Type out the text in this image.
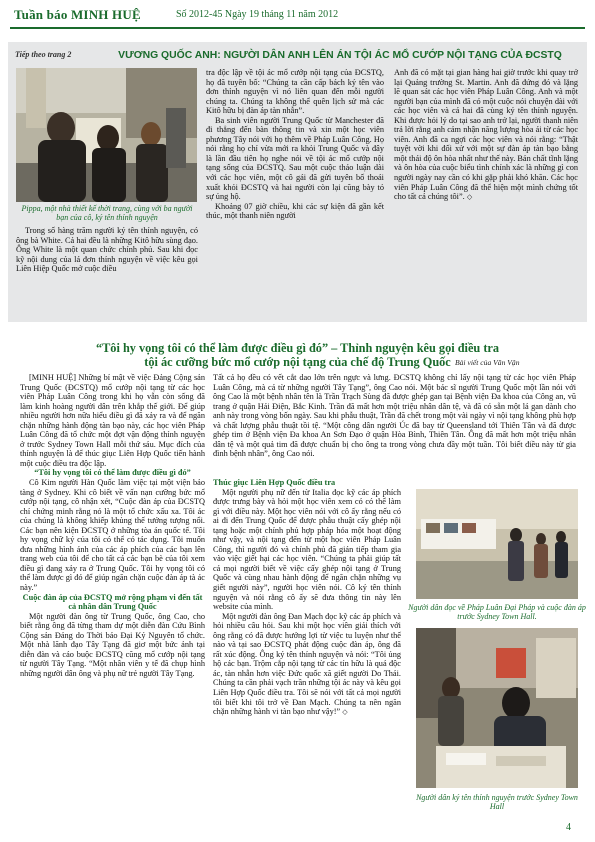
Tuần báo MINH HUỆ	Số 2012-45 Ngày 19 tháng 11 năm 2012
Tiếp theo trang 2	VƯƠNG QUỐC ANH: NGƯỜI DÂN ANH LÊN ÁN TỘI ÁC MỔ CƯỚP NỘI TẠNG CỦA ĐCSTQ
Pippa, một nhà thiết kế thời trang, cùng với ba người bạn của cô, ký tên thỉnh nguyện

Trong số hàng trăm người ký tên thỉnh nguyện, có ông bà White. Cả hai đều là những Kitô hữu sùng đạo. Ông White là một quan chức chính phủ. Sau khi đọc kỹ nội dung của lá đơn thỉnh nguyện về việc kêu gọi Liên Hiệp Quốc mở cuộc điều

tra độc lập về tội ác mổ cướp nội tạng của ĐCSTQ, họ đã tuyên bố: “Chúng ta cần cấp bách ký tên vào đơn thỉnh nguyện vì nó liên quan đến mỗi người chúng ta. Chúng ta không thể quên lịch sử mà các Kitô hữu bị đàn áp tàn nhẫn”.

Ba sinh viên người Trung Quốc từ Manchester đã đi thẳng đến bàn thông tin và xin một học viên phương Tây nói với họ thêm về Pháp Luân Công. Họ nói rằng họ chỉ vừa mới ra khỏi Trung Quốc và đây là lần đầu tiên họ nghe nói về tội ác mổ cướp nội tạng sống của ĐCSTQ. Sau một cuộc thảo luận dài với các học viên, một cô gái đã gửi tuyên bố thoái xuất khỏi ĐCSTQ và hai người còn lại cũng bày tỏ sự ủng hộ.

Khoảng 07 giờ chiều, khi các sự kiện đã gần kết thúc, một thanh niên người

Anh đã có mặt tại gian hàng hai giờ trước khi quay trở lại Quảng trường St. Martin. Anh đã đứng đó và lặng lẽ quan sát các học viên Pháp Luân Công. Anh và một người bạn của mình đã có một cuộc nói chuyện dài với các học viên và cả hai đã cùng ký tên thỉnh nguyện. Khi được hỏi lý do tại sao anh trở lại, người thanh niên trả lời rằng anh cảm nhận năng lượng hòa ái từ các học viên. Anh đã ca ngợi các học viên và nói rằng: “Thật tuyệt vời khi đối xử với một sự đàn áp tàn bạo bằng một thái độ ôn hòa nhất như thế này. Bản chất tĩnh lặng và ôn hòa của cuộc biểu tình chính xác là những gì con người ngày nay cần có khi gặp phải khó khăn. Các học viên Pháp Luân Công đã thể hiện một mình chứng tốt cho tất cả chúng tôi”. ◇

“Tôi hy vọng tôi có thể làm được điều gì đó” – Thỉnh nguyện kêu gọi điều tra
tội ác cưỡng bức mổ cướp nội tạng của chế độ Trung Quốc Bài viết của Văn Vận

[MINH HUỆ] Những bí mật về việc Đảng Cộng sản Trung Quốc (ĐCSTQ) mổ cướp nội tạng từ các học viên Pháp Luân Công trong khi họ vẫn còn sống đã làm kinh hoàng người dân trên khắp thế giới. Để giúp nhiều người hơn nữa hiểu điều gì đã xảy ra và để ngăn chặn những hành động tàn bạo này, các học viên Pháp Luân Công đã tổ chức một đợt vận động thỉnh nguyện ở trước Sydney Town Hall mỗi thứ sáu. Mục đích của thỉnh nguyện là để thúc giục Liên Hợp Quốc tiến hành một cuộc điều tra độc lập.

“Tôi hy vọng tôi có thể làm được điều gì đó”

Cô Kim người Hàn Quốc làm việc tại một viện bảo tàng ở Sydney. Khi cô biết về vấn nạn cưỡng bức mổ cướp nội tạng, cô nhận xét, “Cuộc đàn áp của ĐCSTQ chỉ chứng minh rằng nó là một tổ chức xấu xa. Tôi ác của chúng là không khiếp khủng thế tưởng tượng nổi. Các bạn nên kiện ĐCSTQ ở những tòa án quốc tế. Tôi hy vọng chữ ký của tôi có thể có tác dụng. Tôi muốn đưa những hình ảnh của các áp phích của các bạn lên trang web của tôi để cho tất cả các bạn bè của tôi xem điều gì đang xảy ra ở Trung Quốc. Tôi hy vọng tôi có thể làm được gì đó để giúp ngăn chặn cuộc đàn áp tà ác này.”

Cuộc đàn áp của ĐCSTQ mở rộng phạm vi đến tất cả nhân dân Trung Quốc

Một người đàn ông từ Trung Quốc, ông Cao, cho biết rằng ông đã từng tham dự một diễn đàn Cứu Bình Cộng sản Đảng do Thời báo Đại Kỷ Nguyên tổ chức. Một nhà lãnh đạo Tây Tạng đã giơ một bức ảnh tại diễn đàn và cáo buộc ĐCSTQ cũng mổ cướp nội tạng từ người Tây Tạng. “Một nhân viên y tế đã chụp hình những người dân ông và phụ nữ trẻ người Tây Tạng.

Tất cả họ đều có vết cắt dao lớn trên ngực và lưng. ĐCSTQ không chỉ lấy nội tạng từ các học viên Pháp Luân Công, mà cả từ những người Tây Tạng”, ông Cao nói. Một bác sĩ người Trung Quốc một lần nói với ông Cao là một bệnh nhân tên là Trần Trạch Sùng đã được ghép gan tại Bệnh viện Đa khoa của Công an, vũ trang ở quận Hải Điện, Bắc Kinh. Trần đã mất hơn một triệu nhân dân tệ, và đã có sẵn một lá gan dành cho anh này trong vòng bốn ngày. Sau khi phẫu thuật, Trần đã chết trong một vài ngày vì nội tạng không phù hợp và chất lượng phẫu thuật tồi tệ. “Một công dân người Úc đã bay từ Queensland tới Thiên Tân và đã được ghép tim ở Bệnh viện Đa khoa An Sơn Đạo ở quận Hòa Bình, Thiên Tân. Ông đã mất hơn một triệu nhân dân tệ và một quả tim đã được chuẩn bị cho ông ta trong vòng chưa đầy một tuần. Tôi biết điều này từ gia đình bệnh nhân”, ông Cao nói.

Thúc giục Liên Hợp Quốc điều tra

Một người phụ nữ đến từ Italia đọc kỹ các áp phích được trưng bày và hỏi một học viên xem có có thể làm gì với điều này. Một học viên nói với cô ấy rằng nếu có ai đi đến Trung Quốc để được phẫu thuật cấy ghép nội tạng hoặc một chính phủ hợp pháp hóa một hoạt động như vậy, và nội tạng đến từ một học viên Pháp Luân Công, thì người đó và chính phủ đã gián tiếp tham gia vào việc giết hại các học viên. “Chúng ta phải giúp tất cả mọi người biết về việc cấy ghép nội tạng ở Trung Quốc và cùng nhau hành động để ngăn chặn những vụ giết người này”, người học viên nói. Cô ký tên thỉnh nguyện và nói rằng cô ấy sẽ đưa thông tin này lên website của mình.

Một người đàn ông Đan Mạch đọc kỹ các áp phích và hỏi nhiều câu hỏi. Sau khi một học viên giải thích với ông rằng có đã được hướng lợi từ việc tu luyện như thế nào và tại sao ĐCSTQ phát động cuộc đàn áp, ông đã rất xúc động. Ông ký tên thỉnh nguyện và nói: “Tôi ủng hộ các bạn. Trộm cắp nội tạng từ các tín hữu là quá độc ác, tàn nhẫn hơn việc Đức quốc xã giết người Do Thái. Chúng ta cần phải vạch trần những tội ác này và kêu gọi Liên Hợp Quốc điều tra. Tôi sẽ nói với tất cả mọi người tôi biết khi tôi trở về Đan Mạch. Chúng ta nên ngăn chặn những hành vi tàn bạo như vậy!” ◇

Người dân đọc về Pháp Luân Đại Pháp và cuộc đàn áp trước Sydney Town Hall.
Người dân ký tên thỉnh nguyện trước Sydney Town Hall
4
